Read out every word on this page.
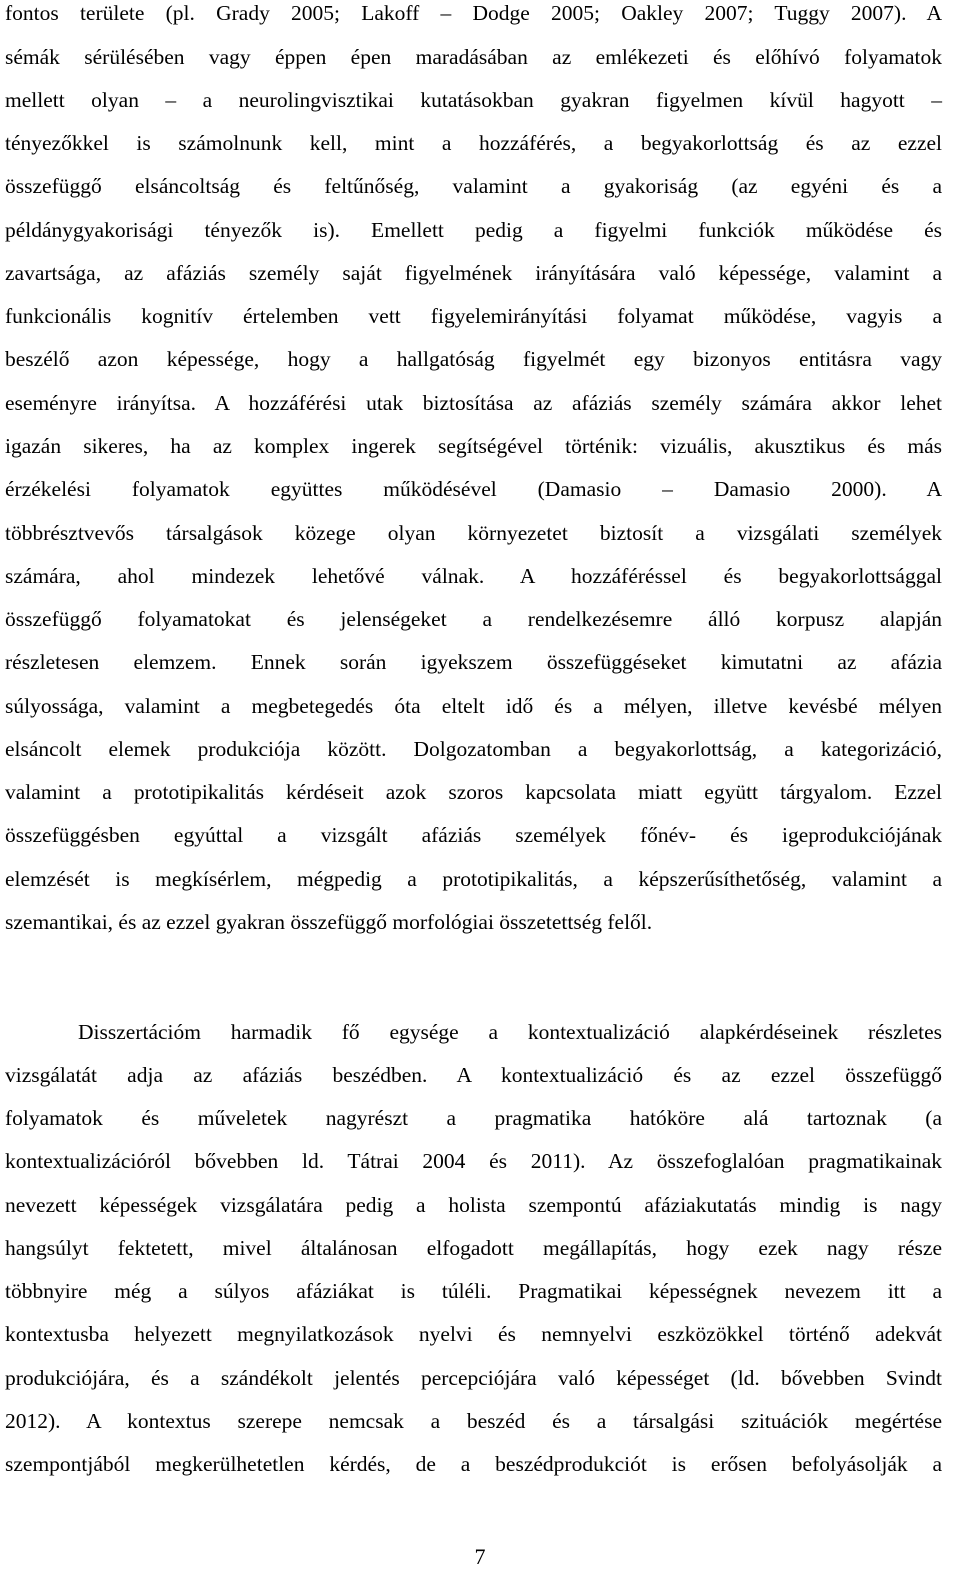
fontos területe (pl. Grady 2005; Lakoff – Dodge 2005; Oakley 2007; Tuggy 2007). A
sémák sérülésében vagy éppen épen maradásában az emlékezeti és előhívó folyamatok
mellett olyan – a neurolingvisztikai kutatásokban gyakran figyelmen kívül hagyott –
tényezőkkel is számolnunk kell, mint a hozzáférés, a begyakorlottság és az ezzel
összefüggő elsáncoltság és feltűnőség, valamint a gyakoriság (az egyéni és a
példánygyakorisági tényezők is). Emellett pedig a figyelmi funkciók működése és
zavartsága, az afáziás személy saját figyelmének irányítására való képessége, valamint a
funkcionális kognitív értelemben vett figyelemirányítási folyamat működése, vagyis a
beszélő azon képessége, hogy a hallgatóság figyelmét egy bizonyos entitásra vagy
eseményre irányítsa. A hozzáférési utak biztosítása az afáziás személy számára akkor lehet
igazán sikeres, ha az komplex ingerek segítségével történik: vizuális, akusztikus és más
érzékelési folyamatok együttes működésével (Damasio – Damasio 2000). A
többrésztvevős társalgások közege olyan környezetet biztosít a vizsgálati személyek
számára, ahol mindezek lehetővé válnak. A hozzáféréssel és begyakorlottsággal
összefüggő folyamatokat és jelenségeket a rendelkezésemre álló korpusz alapján
részletesen elemzem. Ennek során igyekszem összefüggéseket kimutatni az afázia
súlyossága, valamint a megbetegedés óta eltelt idő és a mélyen, illetve kevésbé mélyen
elsáncolt elemek produkciója között. Dolgozatomban a begyakorlottság, a kategorizáció,
valamint a prototipikalitás kérdéseit azok szoros kapcsolata miatt együtt tárgyalom. Ezzel
összefüggésben egyúttal a vizsgált afáziás személyek főnév- és igeprodukciójának
elemzését is megkísérlem, mégpedig a prototipikalitás, a képszerűsíthetőség, valamint a
szemantikai, és az ezzel gyakran összefüggő morfológiai összetettség felől.
Disszertációm harmadik fő egysége a kontextualizáció alapkérdéseinek részletes
vizsgálatát adja az afáziás beszédben. A kontextualizáció és az ezzel összefüggő
folyamatok és műveletek nagyrészt a pragmatika hatóköre alá tartoznak (a
kontextualizációról bővebben ld. Tátrai 2004 és 2011). Az összefoglalóan pragmatikainak
nevezett képességek vizsgálatára pedig a holista szempontú afáziakutatás mindig is nagy
hangsúlyt fektetett, mivel általánosan elfogadott megállapítás, hogy ezek nagy része
többnyire még a súlyos afáziákat is túléli. Pragmatikai képességnek nevezem itt a
kontextusba helyezett megnyilatkozások nyelvi és nemnyelvi eszközökkel történő adekvát
produkciójára, és a szándékolt jelentés percepciójára való képességet (ld. bővebben Svindt
2012). A kontextus szerepe nemcsak a beszéd és a társalgási szituációk megértése
szempontjából megkerülhetetlen kérdés, de a beszédprodukciót is erősen befolyásolják a
7
